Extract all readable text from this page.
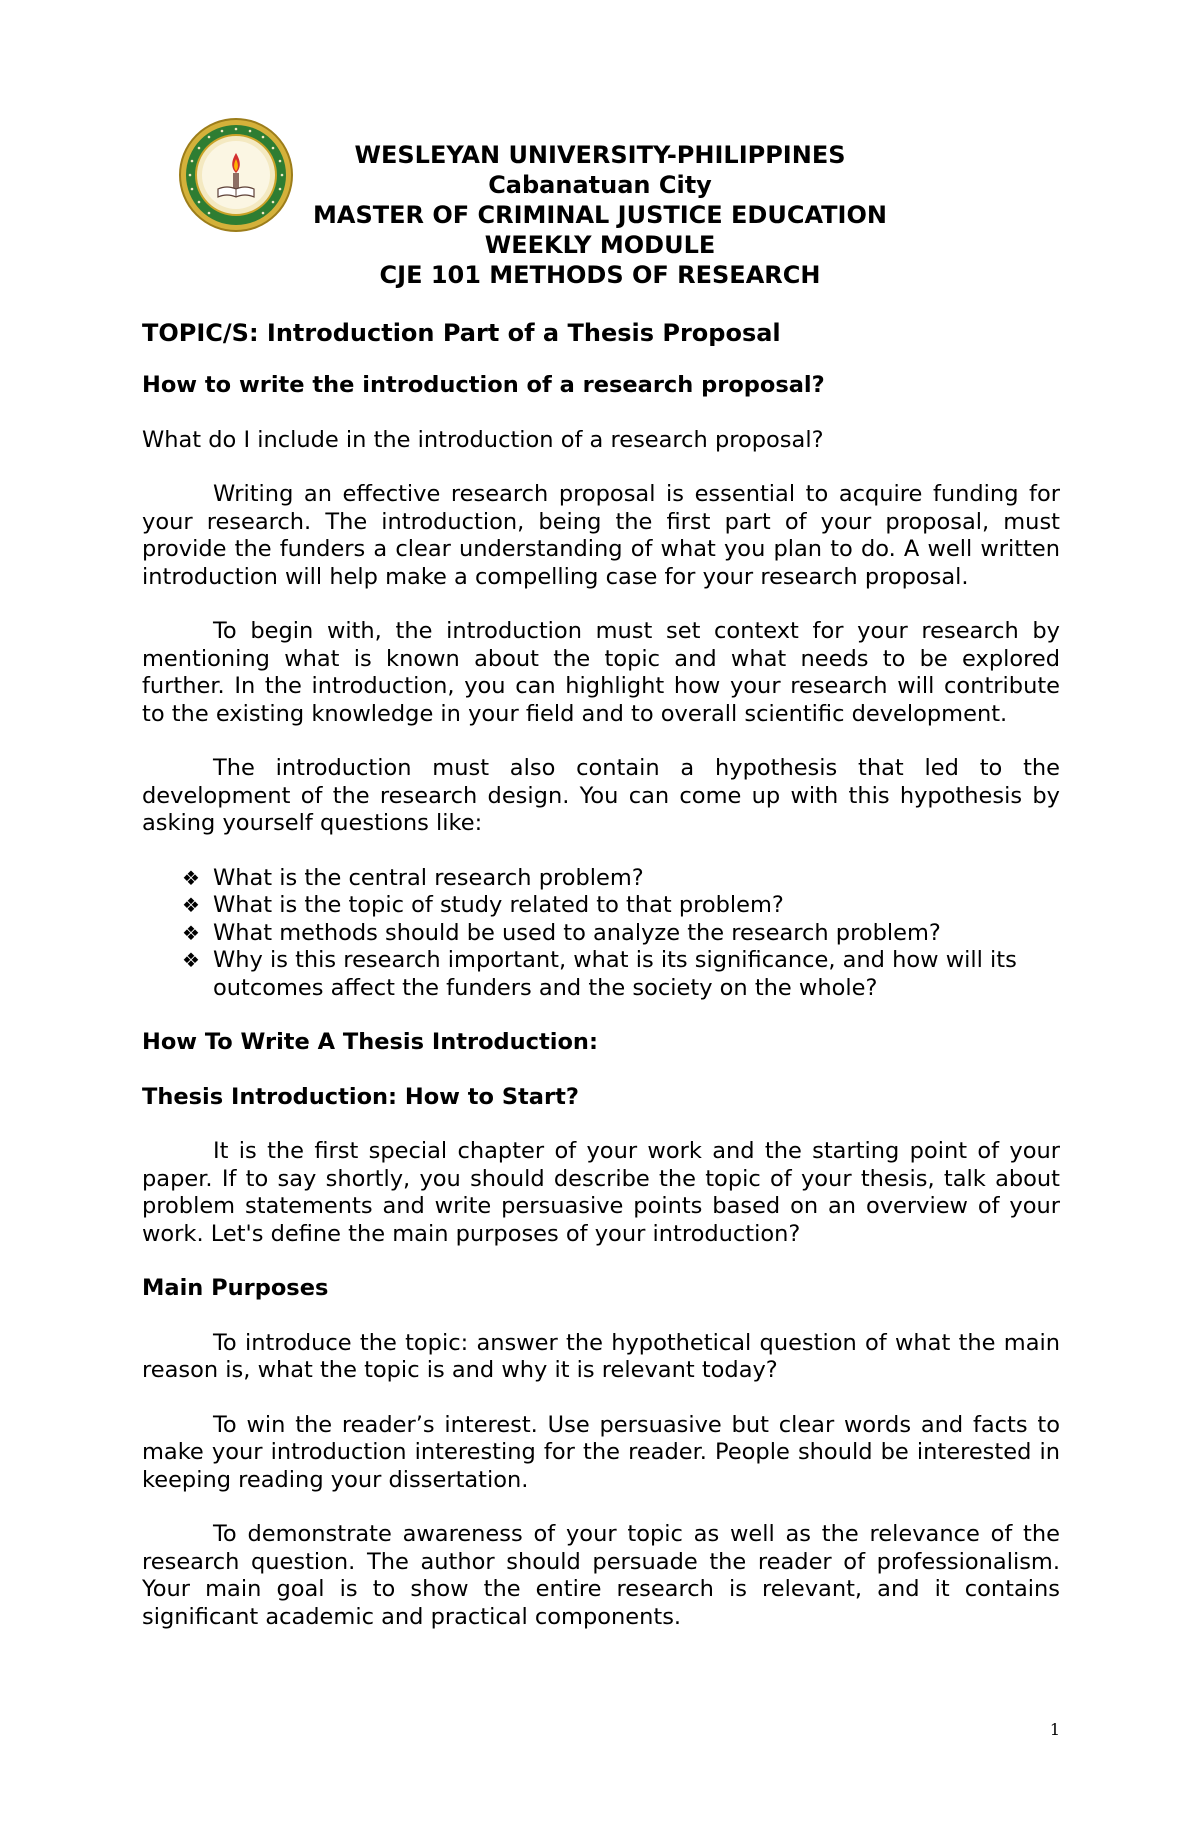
WESLEYAN UNIVERSITY-PHILIPPINES
Cabanatuan City
MASTER OF CRIMINAL JUSTICE EDUCATION
WEEKLY MODULE
CJE 101 METHODS OF RESEARCH
TOPIC/S: Introduction Part of a Thesis Proposal
How to write the introduction of a research proposal?

What do I include in the introduction of a research proposal?

Writing an effective research proposal is essential to acquire funding for your research. The introduction, being the first part of your proposal, must provide the funders a clear understanding of what you plan to do. A well written introduction will help make a compelling case for your research proposal.

To begin with, the introduction must set context for your research by mentioning what is known about the topic and what needs to be explored further. In the introduction, you can highlight how your research will contribute to the existing knowledge in your field and to overall scientific development.

The introduction must also contain a hypothesis that led to the development of the research design. You can come up with this hypothesis by asking yourself questions like:

❖ What is the central research problem?
❖ What is the topic of study related to that problem?
❖ What methods should be used to analyze the research problem?
❖ Why is this research important, what is its significance, and how will its outcomes affect the funders and the society on the whole?
How To Write A Thesis Introduction:
Thesis Introduction: How to Start?

It is the first special chapter of your work and the starting point of your paper. If to say shortly, you should describe the topic of your thesis, talk about problem statements and write persuasive points based on an overview of your work. Let's define the main purposes of your introduction?

Main Purposes

To introduce the topic: answer the hypothetical question of what the main reason is, what the topic is and why it is relevant today?

To win the reader’s interest. Use persuasive but clear words and facts to make your introduction interesting for the reader. People should be interested in keeping reading your dissertation.

To demonstrate awareness of your topic as well as the relevance of the research question. The author should persuade the reader of professionalism. Your main goal is to show the entire research is relevant, and it contains significant academic and practical components.

1
